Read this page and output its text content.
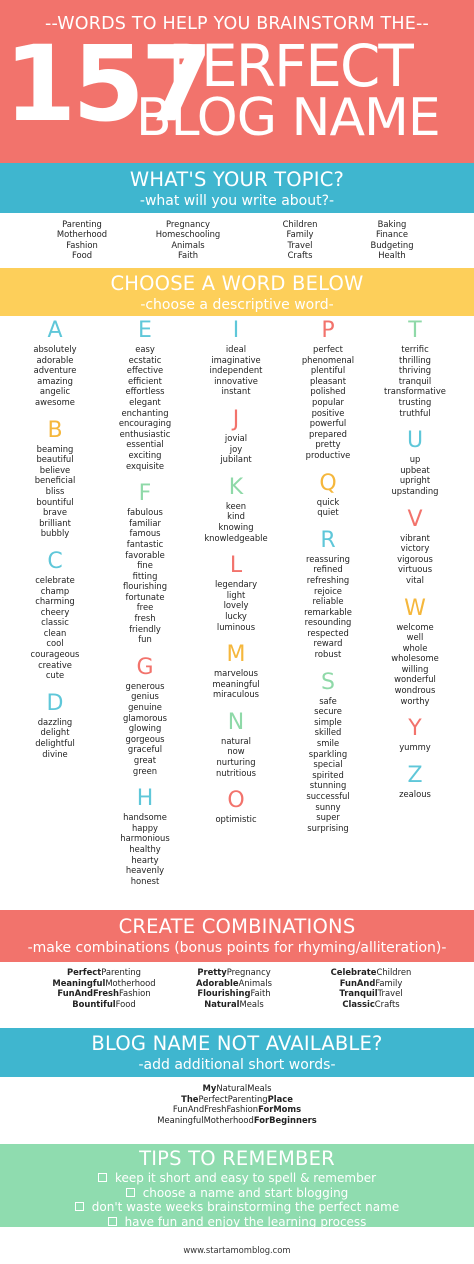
--WORDS TO HELP YOU BRAINSTORM THE--
157
PERFECT
BLOG NAME
WHAT'S YOUR TOPIC?
-what will you write about?-
Parenting
Motherhood
Fashion
Food
Pregnancy
Homeschooling
Animals
Faith
Children
Family
Travel
Crafts
Baking
Finance
Budgeting
Health
CHOOSE A WORD BELOW
-choose a descriptive word-
A
absolutely
adorable
adventure
amazing
angelic
awesome
B
beaming
beautiful
believe
beneficial
bliss
bountiful
brave
brilliant
bubbly
C
celebrate
champ
charming
cheery
classic
clean
cool
courageous
creative
cute
D
dazzling
delight
delightful
divine
E
easy
ecstatic
effective
efficient
effortless
elegant
enchanting
encouraging
enthusiastic
essential
exciting
exquisite
F
fabulous
familiar
famous
fantastic
favorable
fine
fitting
flourishing
fortunate
free
fresh
friendly
fun
G
generous
genius
genuine
glamorous
glowing
gorgeous
graceful
great
green
H
handsome
happy
harmonious
healthy
hearty
heavenly
honest
I
ideal
imaginative
independent
innovative
instant
J
jovial
joy
jubilant
K
keen
kind
knowing
knowledgeable
L
legendary
light
lovely
lucky
luminous
M
marvelous
meaningful
miraculous
N
natural
now
nurturing
nutritious
O
optimistic
P
perfect
phenomenal
plentiful
pleasant
polished
popular
positive
powerful
prepared
pretty
productive
Q
quick
quiet
R
reassuring
refined
refreshing
rejoice
reliable
remarkable
resounding
respected
reward
robust
S
safe
secure
simple
skilled
smile
sparkling
special
spirited
stunning
successful
sunny
super
surprising
T
terrific
thrilling
thriving
tranquil
transformative
trusting
truthful
U
up
upbeat
upright
upstanding
V
vibrant
victory
vigorous
virtuous
vital
W
welcome
well
whole
wholesome
willing
wonderful
wondrous
worthy
Y
yummy
Z
zealous
CREATE COMBINATIONS
-make combinations (bonus points for rhyming/alliteration)-
PerfectParenting
MeaningfulMotherhood
FunAndFreshFashion
BountifulFood
PrettyPregnancy
AdorableAnimals
FlourishingFaith
NaturalMeals
CelebrateChildren
FunAndFamily
TranquilTravel
ClassicCrafts
BLOG NAME NOT AVAILABLE?
-add additional short words-
MyNaturalMeals
ThePerfectParentingPlace
FunAndFreshFashionForMoms
MeaningfulMotherhoodForBeginners
TIPS TO REMEMBER
keep it short and easy to spell & remember
choose a name and start blogging
don't waste weeks brainstorming the perfect name
have fun and enjoy the learning process
www.startamomblog.com
